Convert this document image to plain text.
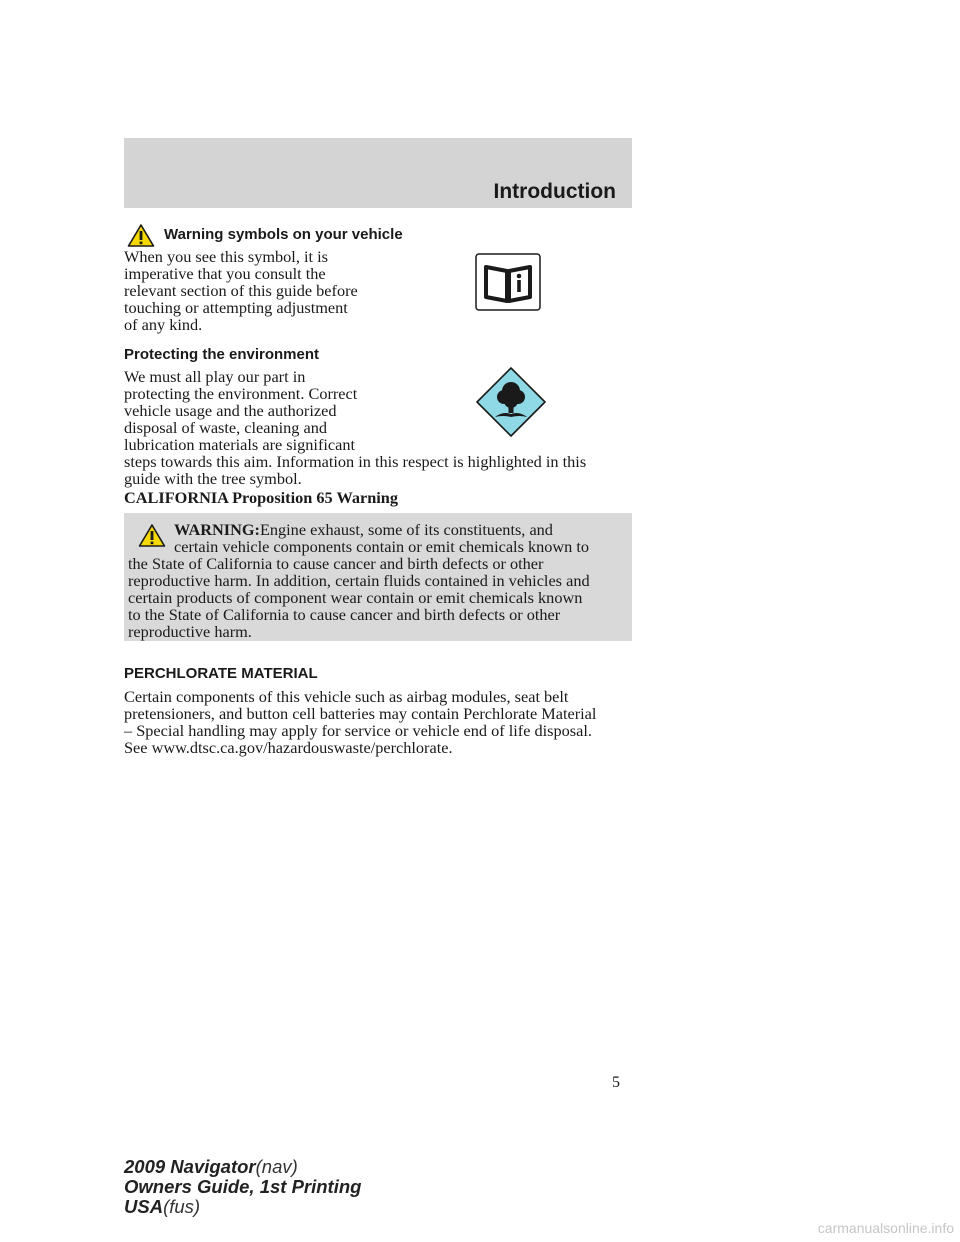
Introduction
Warning symbols on your vehicle
When you see this symbol, it is
imperative that you consult the
relevant section of this guide before
touching or attempting adjustment
of any kind.
Protecting the environment
We must all play our part in
protecting the environment. Correct
vehicle usage and the authorized
disposal of waste, cleaning and
lubrication materials are significant
steps towards this aim. Information in this respect is highlighted in this
guide with the tree symbol.
CALIFORNIA Proposition 65 Warning
WARNING:Engine exhaust, some of its constituents, and
certain vehicle components contain or emit chemicals known to
the State of California to cause cancer and birth defects or other
reproductive harm. In addition, certain fluids contained in vehicles and
certain products of component wear contain or emit chemicals known
to the State of California to cause cancer and birth defects or other
reproductive harm.
PERCHLORATE MATERIAL
Certain components of this vehicle such as airbag modules, seat belt
pretensioners, and button cell batteries may contain Perchlorate Material
– Special handling may apply for service or vehicle end of life disposal.
See www.dtsc.ca.gov/hazardouswaste/perchlorate.
5
2009 Navigator(nav)
Owners Guide, 1st Printing
USA(fus)
carmanualsonline.info
